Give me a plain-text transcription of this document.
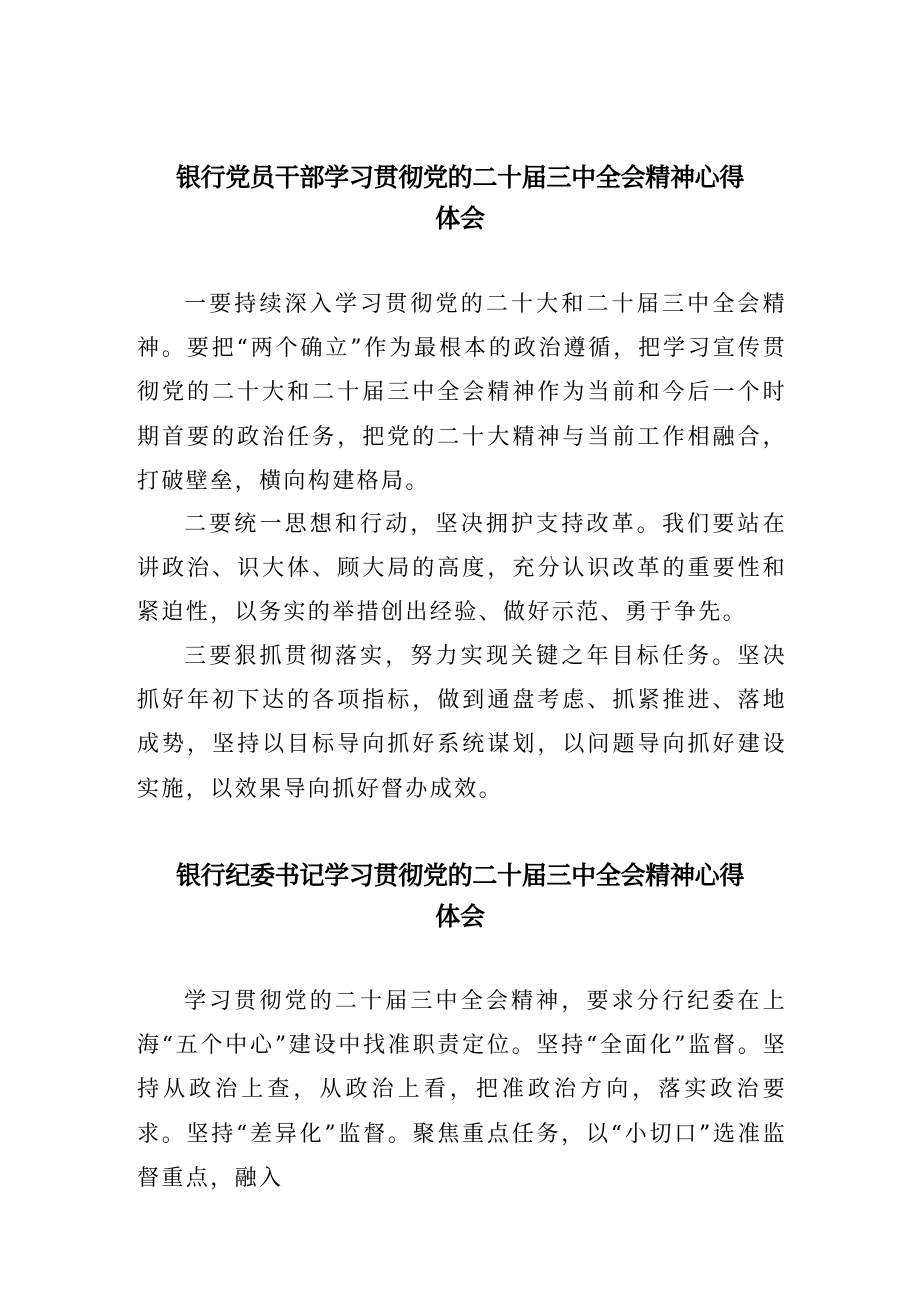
银行党员干部学习贯彻党的二十届三中全会精神心得
体会

一要持续深入学习贯彻党的二十大和二十届三中全会精神。要把“两个确立”作为最根本的政治遵循，把学习宣传贯彻党的二十大和二十届三中全会精神作为当前和今后一个时期首要的政治任务，把党的二十大精神与当前工作相融合，打破壁垒，横向构建格局。

二要统一思想和行动，坚决拥护支持改革。我们要站在讲政治、识大体、顾大局的高度，充分认识改革的重要性和紧迫性，以务实的举措创出经验、做好示范、勇于争先。

三要狠抓贯彻落实，努力实现关键之年目标任务。坚决抓好年初下达的各项指标，做到通盘考虑、抓紧推进、落地成势，坚持以目标导向抓好系统谋划，以问题导向抓好建设实施，以效果导向抓好督办成效。

银行纪委书记学习贯彻党的二十届三中全会精神心得
体会

学习贯彻党的二十届三中全会精神，要求分行纪委在上海“五个中心”建设中找准职责定位。坚持“全面化”监督。坚持从政治上查，从政治上看，把准政治方向，落实政治要求。坚持“差异化”监督。聚焦重点任务，以“小切口”选准监督重点，融入
